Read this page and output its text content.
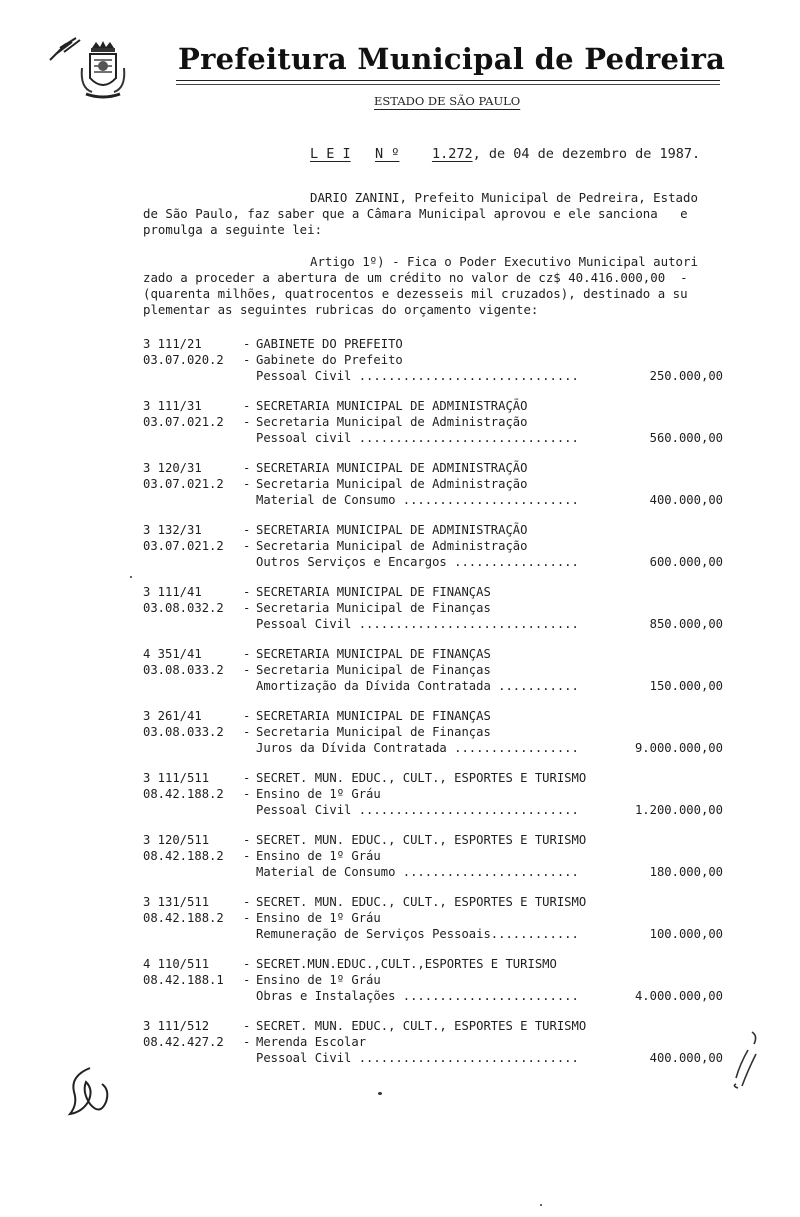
Prefeitura Municipal de Pedreira
ESTADO DE SÃO PAULO
L E I N º 1.272, de 04 de dezembro de 1987.
DARIO ZANINI, Prefeito Municipal de Pedreira, Estado
de São Paulo, faz saber que a Câmara Municipal aprovou e ele sanciona   e
promulga a seguinte lei:
Artigo 1º) - Fica o Poder Executivo Municipal autori
zado a proceder a abertura de um crédito no valor de cz$ 40.416.000,00  -
(quarenta milhões, quatrocentos e dezesseis mil cruzados), destinado a su
plementar as seguintes rubricas do orçamento vigente:
3 111/21	- GABINETE DO PREFEITO
03.07.020.2 - Gabinete do Prefeito
Pessoal Civil ..............................	250.000,00
3 111/31	- SECRETARIA MUNICIPAL DE ADMINISTRAÇÃO
03.07.021.2 - Secretaria Municipal de Administração
Pessoal civil ..............................	560.000,00
3 120/31	- SECRETARIA MUNICIPAL DE ADMINISTRAÇÃO
03.07.021.2 - Secretaria Municipal de Administração
Material de Consumo ........................	400.000,00
3 132/31	- SECRETARIA MUNICIPAL DE ADMINISTRAÇÃO
03.07.021.2 - Secretaria Municipal de Administração
Outros Serviços e Encargos .................	600.000,00
3 111/41	- SECRETARIA MUNICIPAL DE FINANÇAS
03.08.032.2 - Secretaria Municipal de Finanças
Pessoal Civil ..............................	850.000,00
4 351/41	- SECRETARIA MUNICIPAL DE FINANÇAS
03.08.033.2 - Secretaria Municipal de Finanças
Amortização da Dívida Contratada ...........	150.000,00
3 261/41	- SECRETARIA MUNICIPAL DE FINANÇAS
03.08.033.2 - Secretaria Municipal de Finanças
Juros da Dívida Contratada .................	9.000.000,00
3 111/511	- SECRET. MUN. EDUC., CULT., ESPORTES E TURISMO
08.42.188.2 - Ensino de 1º Gráu
Pessoal Civil ..............................	1.200.000,00
3 120/511	- SECRET. MUN. EDUC., CULT., ESPORTES E TURISMO
08.42.188.2 - Ensino de 1º Gráu
Material de Consumo ........................	180.000,00
3 131/511	- SECRET. MUN. EDUC., CULT., ESPORTES E TURISMO
08.42.188.2 - Ensino de 1º Gráu
Remuneração de Serviços Pessoais............	100.000,00
4 110/511	- SECRET.MUN.EDUC.,CULT.,ESPORTES E TURISMO
08.42.188.1 - Ensino de 1º Gráu
Obras e Instalações ........................	4.000.000,00
3 111/512	- SECRET. MUN. EDUC., CULT., ESPORTES E TURISMO
08.42.427.2 - Merenda Escolar
Pessoal Civil ..............................	400.000,00
